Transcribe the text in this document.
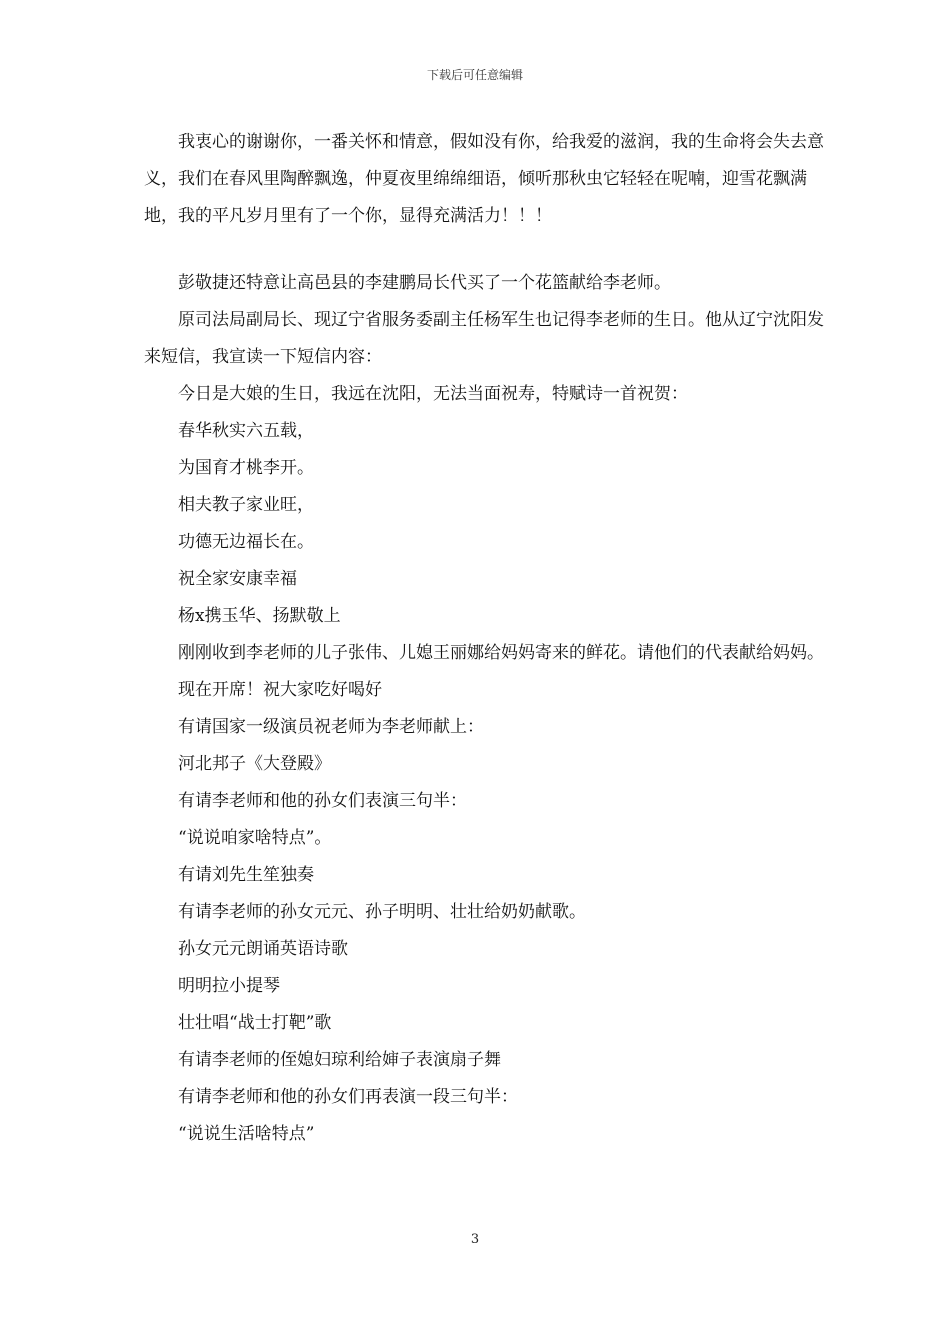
下载后可任意编辑

我衷心的谢谢你，一番关怀和情意，假如没有你，给我爱的滋润，我的生命将会失去意义，我们在春风里陶醉飘逸，仲夏夜里绵绵细语，倾听那秋虫它轻轻在呢喃，迎雪花飘满地，我的平凡岁月里有了一个你，显得充满活力！！！

彭敬捷还特意让高邑县的李建鹏局长代买了一个花篮献给李老师。

原司法局副局长、现辽宁省服务委副主任杨军生也记得李老师的生日。他从辽宁沈阳发来短信，我宣读一下短信内容：

今日是大娘的生日，我远在沈阳，无法当面祝寿，特赋诗一首祝贺：

春华秋实六五载，

为国育才桃李开。

相夫教子家业旺，

功德无边福长在。

祝全家安康幸福

杨x携玉华、扬默敬上

刚刚收到李老师的儿子张伟、儿媳王丽娜给妈妈寄来的鲜花。请他们的代表献给妈妈。

现在开席！祝大家吃好喝好

有请国家一级演员祝老师为李老师献上：

河北邦子《大登殿》

有请李老师和他的孙女们表演三句半：

“说说咱家啥特点”。

有请刘先生笙独奏

有请李老师的孙女元元、孙子明明、壮壮给奶奶献歌。

孙女元元朗诵英语诗歌

明明拉小提琴

壮壮唱“战士打靶”歌

有请李老师的侄媳妇琼利给婶子表演扇子舞

有请李老师和他的孙女们再表演一段三句半：

“说说生活啥特点”

3
